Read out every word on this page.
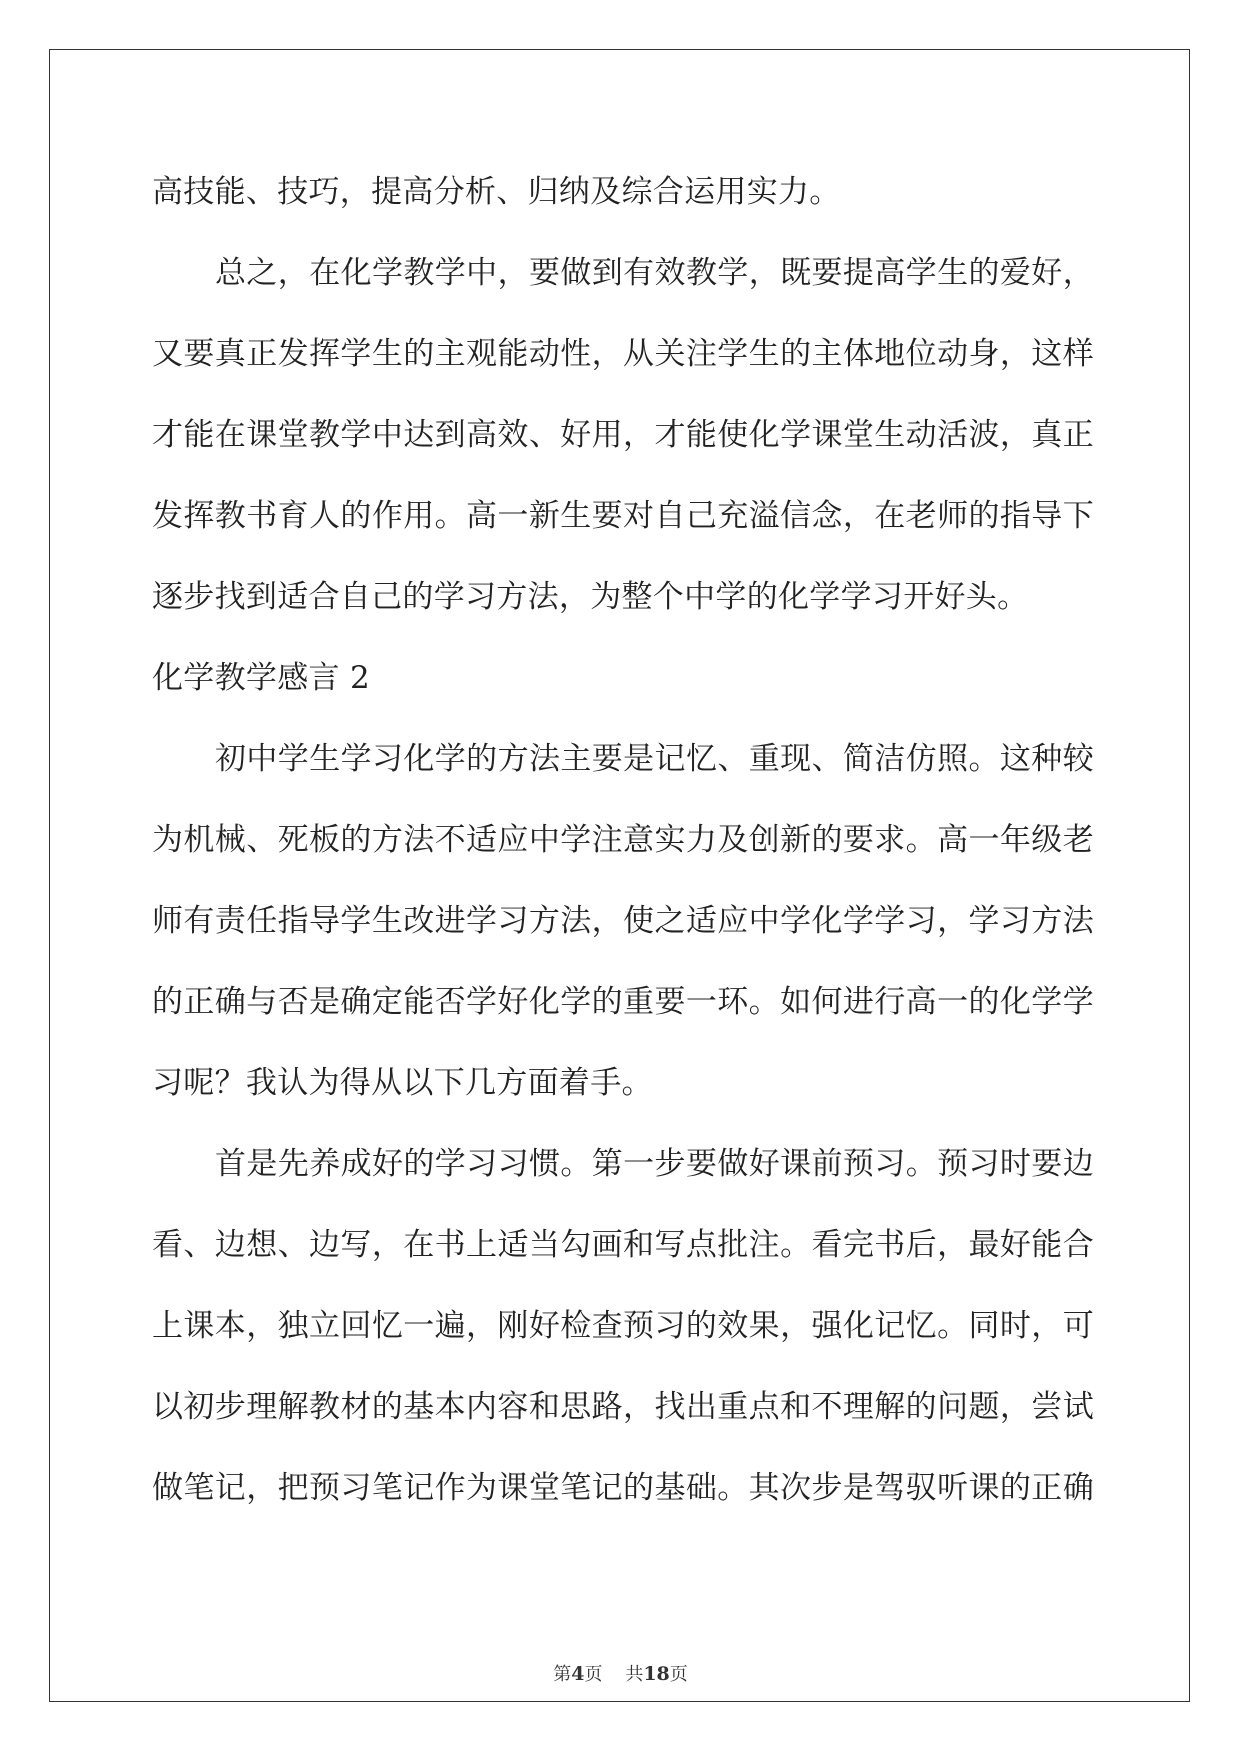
高技能、技巧，提高分析、归纳及综合运用实力。
总之，在化学教学中，要做到有效教学，既要提高学生的爱好，
又要真正发挥学生的主观能动性，从关注学生的主体地位动身，这样
才能在课堂教学中达到高效、好用，才能使化学课堂生动活波，真正
发挥教书育人的作用。高一新生要对自己充溢信念，在老师的指导下
逐步找到适合自己的学习方法，为整个中学的化学学习开好头。
化学教学感言 2
初中学生学习化学的方法主要是记忆、重现、简洁仿照。这种较
为机械、死板的方法不适应中学注意实力及创新的要求。高一年级老
师有责任指导学生改进学习方法，使之适应中学化学学习，学习方法
的正确与否是确定能否学好化学的重要一环。如何进行高一的化学学
习呢？我认为得从以下几方面着手。
首是先养成好的学习习惯。第一步要做好课前预习。预习时要边
看、边想、边写，在书上适当勾画和写点批注。看完书后，最好能合
上课本，独立回忆一遍，刚好检查预习的效果，强化记忆。同时，可
以初步理解教材的基本内容和思路，找出重点和不理解的问题，尝试
做笔记，把预习笔记作为课堂笔记的基础。其次步是驾驭听课的正确
第4页 共18页
